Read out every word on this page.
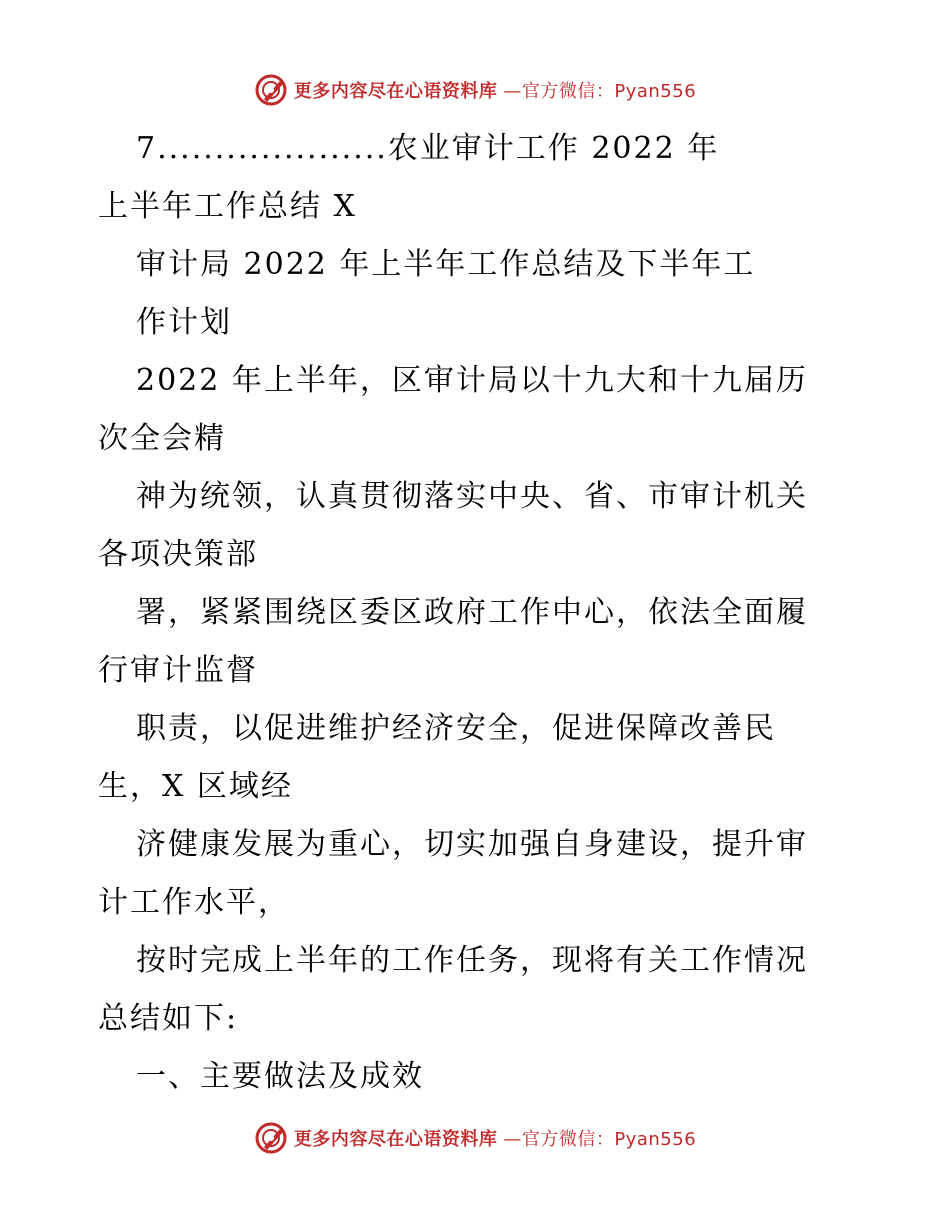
更多内容尽在心语资料库 —官方微信：Pyan556
7....................农业审计工作 2022 年
上半年工作总结 X
审计局 2022 年上半年工作总结及下半年工
作计划
2022 年上半年，区审计局以十九大和十九届历
次全会精
神为统领，认真贯彻落实中央、省、市审计机关
各项决策部
署，紧紧围绕区委区政府工作中心，依法全面履
行审计监督
职责，以促进维护经济安全，促进保障改善民
生，X 区域经
济健康发展为重心，切实加强自身建设，提升审
计工作水平，
按时完成上半年的工作任务，现将有关工作情况
总结如下:
一、主要做法及成效
更多内容尽在心语资料库 —官方微信：Pyan556
